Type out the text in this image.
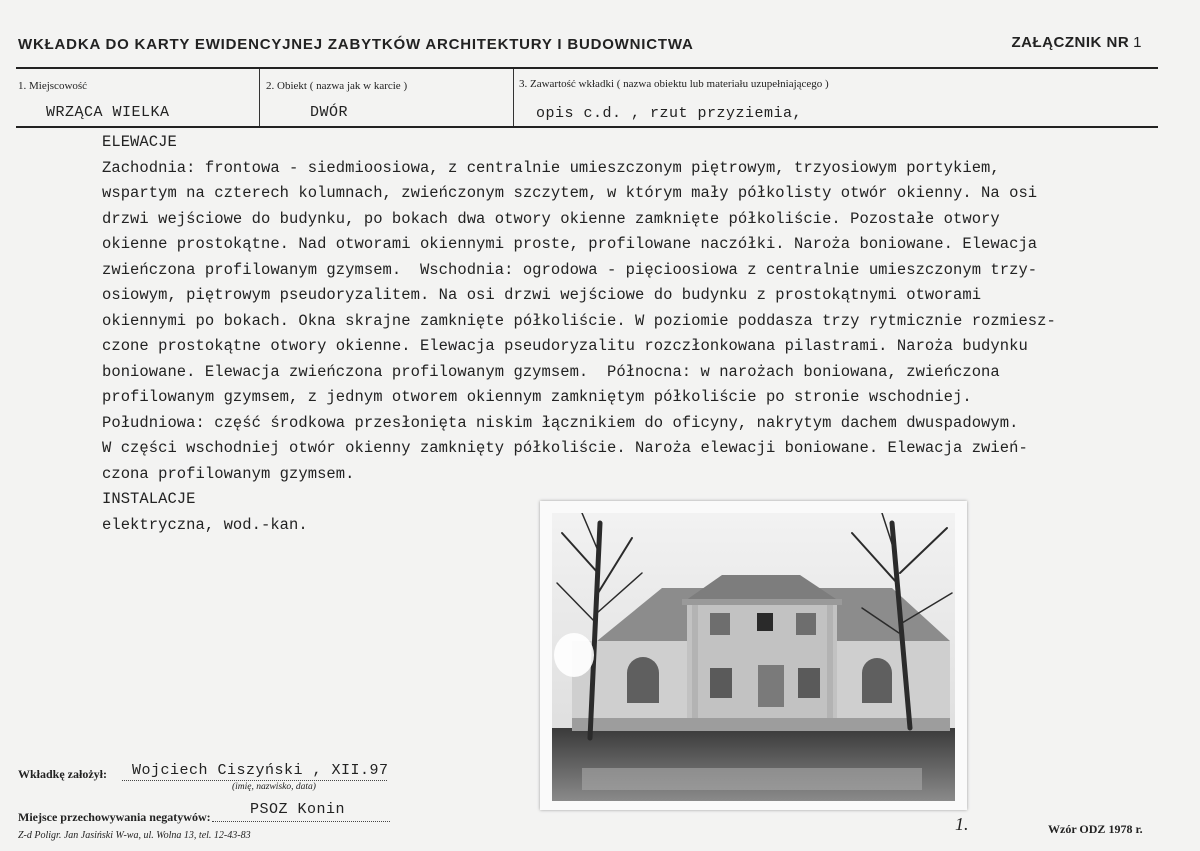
WKŁADKA DO KARTY EWIDENCYJNEJ ZABYTKÓW ARCHITEKTURY I BUDOWNICTWA	ZAŁĄCZNIK NR 1
1. Miejscowość
WRZĄCA WIELKA
2. Obiekt ( nazwa jak w karcie )
DWÓR
3. Zawartość wkładki ( nazwa obiektu lub materiału uzupełniającego )
opis c.d. , rzut przyziemia,
ELEWACJE
Zachodnia: frontowa - siedmioosiowa, z centralnie umieszczonym piętrowym, trzyosiowym portykiem,
wspartym na czterech kolumnach, zwieńczonym szczytem, w którym mały półkolisty otwór okienny. Na osi
drzwi wejściowe do budynku, po bokach dwa otwory okienne zamknięte półkoliście. Pozostałe otwory
okienne prostokątne. Nad otworami okiennymi proste, profilowane naczółki. Naroża boniowane. Elewacja
zwieńczona profilowanym gzymsem.  Wschodnia: ogrodowa - pięcioosiowa z centralnie umieszczonym trzy-
osiowym, piętrowym pseudoryzalitem. Na osi drzwi wejściowe do budynku z prostokątnymi otworami
okiennymi po bokach. Okna skrajne zamknięte półkoliście. W poziomie poddasza trzy rytmicznie rozmiesz-
czone prostokątne otwory okienne. Elewacja pseudoryzalitu rozczłonkowana pilastrami. Naroża budynku
boniowane. Elewacja zwieńczona profilowanym gzymsem.  Północna: w narożach boniowana, zwieńczona
profilowanym gzymsem, z jednym otworem okiennym zamkniętym półkoliście po stronie wschodniej.
Południowa: część środkowa przesłonięta niskim łącznikiem do oficyny, nakrytym dachem dwuspadowym.
W części wschodniej otwór okienny zamknięty półkoliście. Naroża elewacji boniowane. Elewacja zwień-
czona profilowanym gzymsem.
INSTALACJE
elektryczna, wod.-kan.
Wkładkę założył: Wojciech Ciszyński , XII.97
(imię, nazwisko, data)
Miejsce przechowywania negatywów:	PSOZ Konin
Z-d Poligr. Jan Jasiński W-wa, ul. Wolna 13, tel. 12-43-83
1.	Wzór ODZ 1978 r.
